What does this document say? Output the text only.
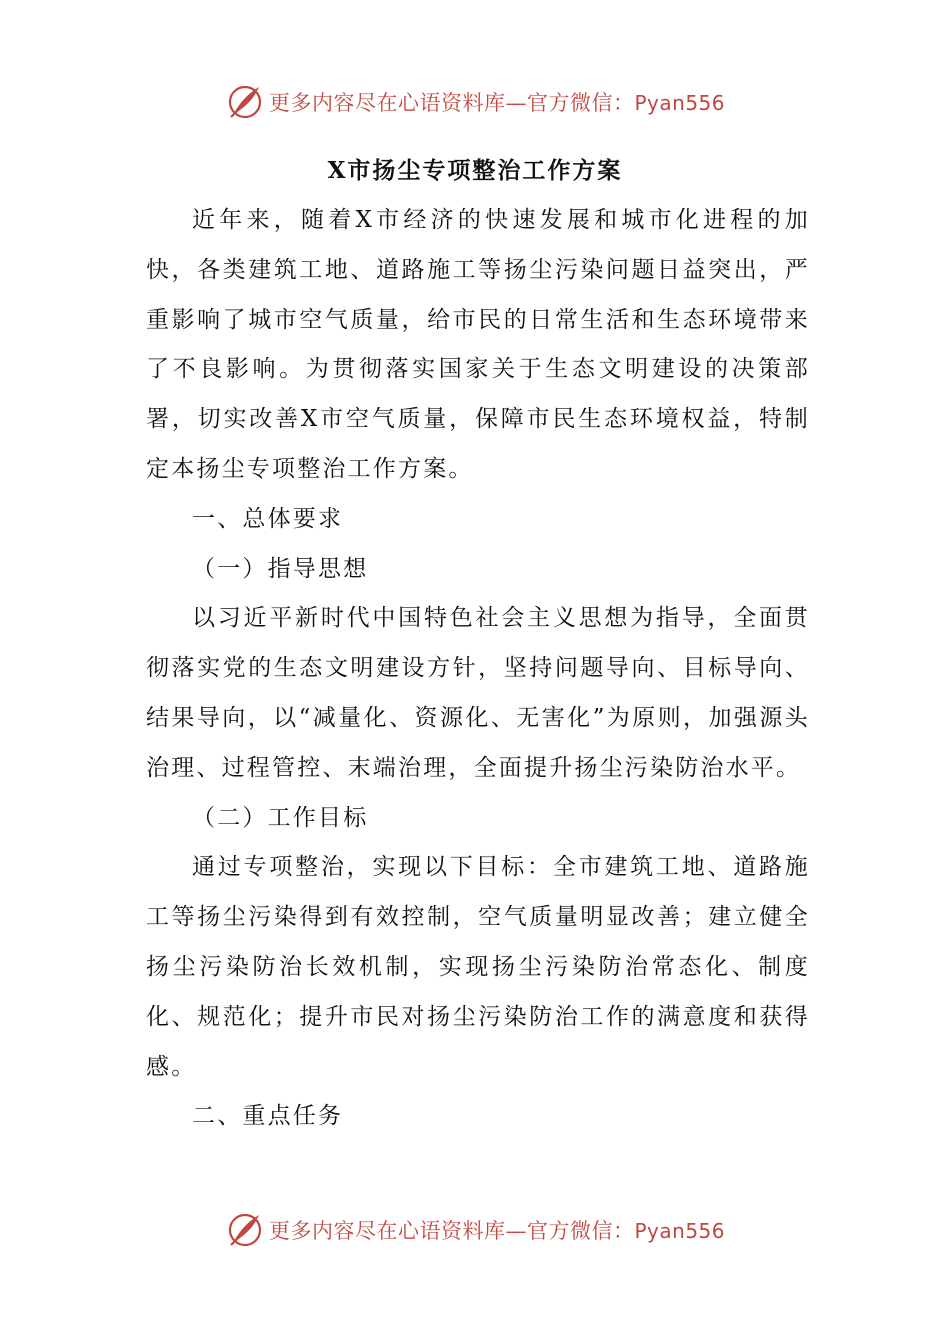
更多内容尽在心语资料库—官方微信：Pyan556
X市扬尘专项整治工作方案

近年来，随着X市经济的快速发展和城市化进程的加快，各类建筑工地、道路施工等扬尘污染问题日益突出，严重影响了城市空气质量，给市民的日常生活和生态环境带来了不良影响。为贯彻落实国家关于生态文明建设的决策部署，切实改善X市空气质量，保障市民生态环境权益，特制定本扬尘专项整治工作方案。

一、总体要求

（一）指导思想

以习近平新时代中国特色社会主义思想为指导，全面贯彻落实党的生态文明建设方针，坚持问题导向、目标导向、结果导向，以“减量化、资源化、无害化”为原则，加强源头治理、过程管控、末端治理，全面提升扬尘污染防治水平。

（二）工作目标

通过专项整治，实现以下目标：全市建筑工地、道路施工等扬尘污染得到有效控制，空气质量明显改善；建立健全扬尘污染防治长效机制，实现扬尘污染防治常态化、制度化、规范化；提升市民对扬尘污染防治工作的满意度和获得感。

二、重点任务

更多内容尽在心语资料库—官方微信：Pyan556
